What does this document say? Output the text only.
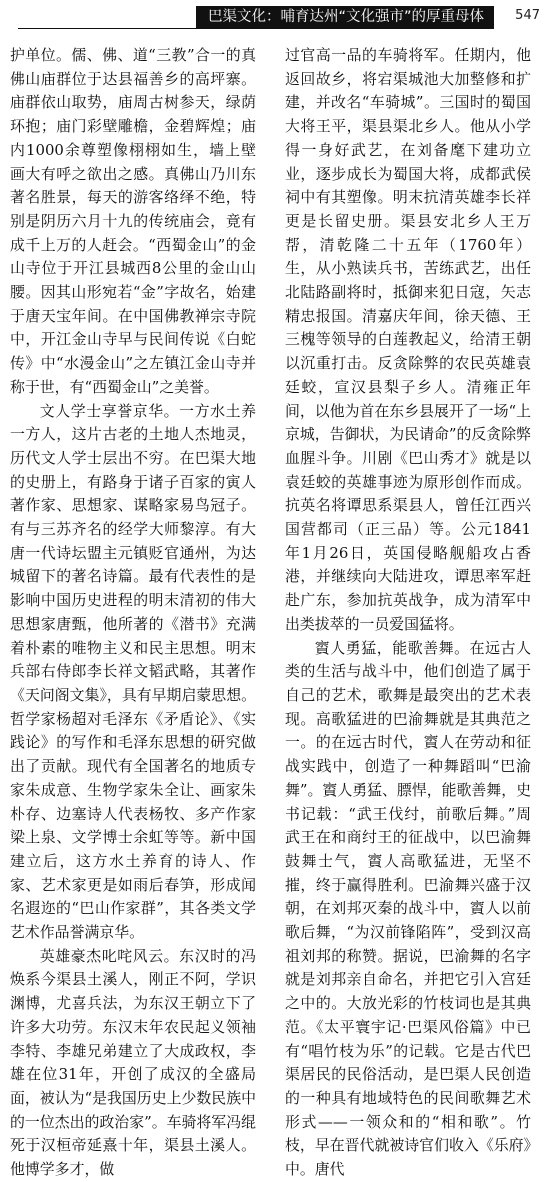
巴渠文化：哺育达州“文化强市”的厚重母体	547

护单位。儒、佛、道“三教”合一的真佛山庙群位于达县福善乡的高坪寨。庙群依山取势，庙周古树参天，绿荫环抱；庙门彩壁雕檐，金碧辉煌；庙内1000余尊塑像栩栩如生，墙上壁画大有呼之欲出之感。真佛山乃川东著名胜景，每天的游客络绎不绝，特别是阴历六月十九的传统庙会，竟有成千上万的人赶会。“西蜀金山”的金山寺位于开江县城西8公里的金山山腰。因其山形宛若“金”字故名，始建于唐天宝年间。在中国佛教禅宗寺院中，开江金山寺早与民间传说《白蛇传》中“水漫金山”之左镇江金山寺并称于世，有“西蜀金山”之美誉。

文人学士享誉京华。一方水土养一方人，这片古老的土地人杰地灵，历代文人学士层出不穷。在巴渠大地的史册上，有路身于诸子百家的寅人著作家、思想家、谋略家易鸟冠子。有与三苏齐名的经学大师黎淳。有大唐一代诗坛盟主元镇贬官通州，为达城留下的著名诗篇。最有代表性的是影响中国历史进程的明末清初的伟大思想家唐甄，他所著的《潜书》充满着朴素的唯物主义和民主思想。明末兵部右侍郎李长祥文韬武略，其著作《天问阁文集》，具有早期启蒙思想。哲学家杨超对毛泽东《矛盾论》、《实践论》的写作和毛泽东思想的研究做出了贡献。现代有全国著名的地质专家朱成意、生物学家朱全让、画家朱朴存、边塞诗人代表杨牧、多产作家梁上泉、文学博士余虹等等。新中国建立后，这方水土养育的诗人、作家、艺术家更是如雨后春笋，形成闻名遐迩的“巴山作家群”，其各类文学艺术作品誉满京华。

英雄豪杰叱咤风云。东汉时的冯焕系今渠县土溪人，刚正不阿，学识渊博，尤喜兵法，为东汉王朝立下了许多大功劳。东汉末年农民起义领袖李特、李雄兄弟建立了大成政权，李雄在位31年，开创了成汉的全盛局面，被认为“是我国历史上少数民族中的一位杰出的政治家”。车骑将军冯绲死于汉桓帝延熹十年，渠县土溪人。他博学多才，做

过官高一品的车骑将军。任期内，他返回故乡，将宕渠城池大加整修和扩建，并改名“车骑城”。三国时的蜀国大将王平，渠县渠北乡人。他从小学得一身好武艺，在刘备麾下建功立业，逐步成长为蜀国大将，成都武侯祠中有其塑像。明末抗清英雄李长祥更是长留史册。渠县安北乡人王万帮，清乾隆二十五年（1760年）生，从小熟读兵书，苦练武艺，出任北陆路副将时，抵御来犯日寇，矢志精忠报国。清嘉庆年间，徐天德、王三槐等领导的白莲教起义，给清王朝以沉重打击。反贪除弊的农民英雄袁廷蛟，宣汉县梨子乡人。清雍正年间，以他为首在东乡县展开了一场“上京城，告御状，为民请命”的反贪除弊血腥斗争。川剧《巴山秀才》就是以袁廷蛟的英雄事迹为原形创作而成。抗英名将谭思系渠县人，曾任江西兴国营都司（正三品）等。公元1841年1月26日，英国侵略舰船攻占香港，并继续向大陆进攻，谭思率军赶赴广东，参加抗英战争，成为清军中出类拔萃的一员爱国猛将。

賨人勇猛，能歌善舞。在远古人类的生活与战斗中，他们创造了属于自己的艺术，歌舞是最突出的艺术表现。高歌猛进的巴渝舞就是其典范之一。的在远古时代，賨人在劳动和征战实践中，创造了一种舞蹈叫“巴渝舞”。賨人勇猛、膘悍，能歌善舞，史书记载：“武王伐纣，前歌后舞。”周武王在和商纣王的征战中，以巴渝舞鼓舞士气，賨人高歌猛进，无坚不摧，终于赢得胜利。巴渝舞兴盛于汉朝，在刘邦灭秦的战斗中，賨人以前歌后舞，“为汉前锋陷阵”，受到汉高祖刘邦的称赞。据说，巴渝舞的名字就是刘邦亲自命名，并把它引入宫廷之中的。大放光彩的竹枝词也是其典范。《太平寰宇记·巴渠风俗篇》中已有“唱竹枝为乐”的记载。它是古代巴渠居民的民俗活动，是巴渠人民创造的一种具有地域特色的民间歌舞艺术形式——一领众和的“相和歌”。竹枝，早在晋代就被诗官们收入《乐府》中。唐代
